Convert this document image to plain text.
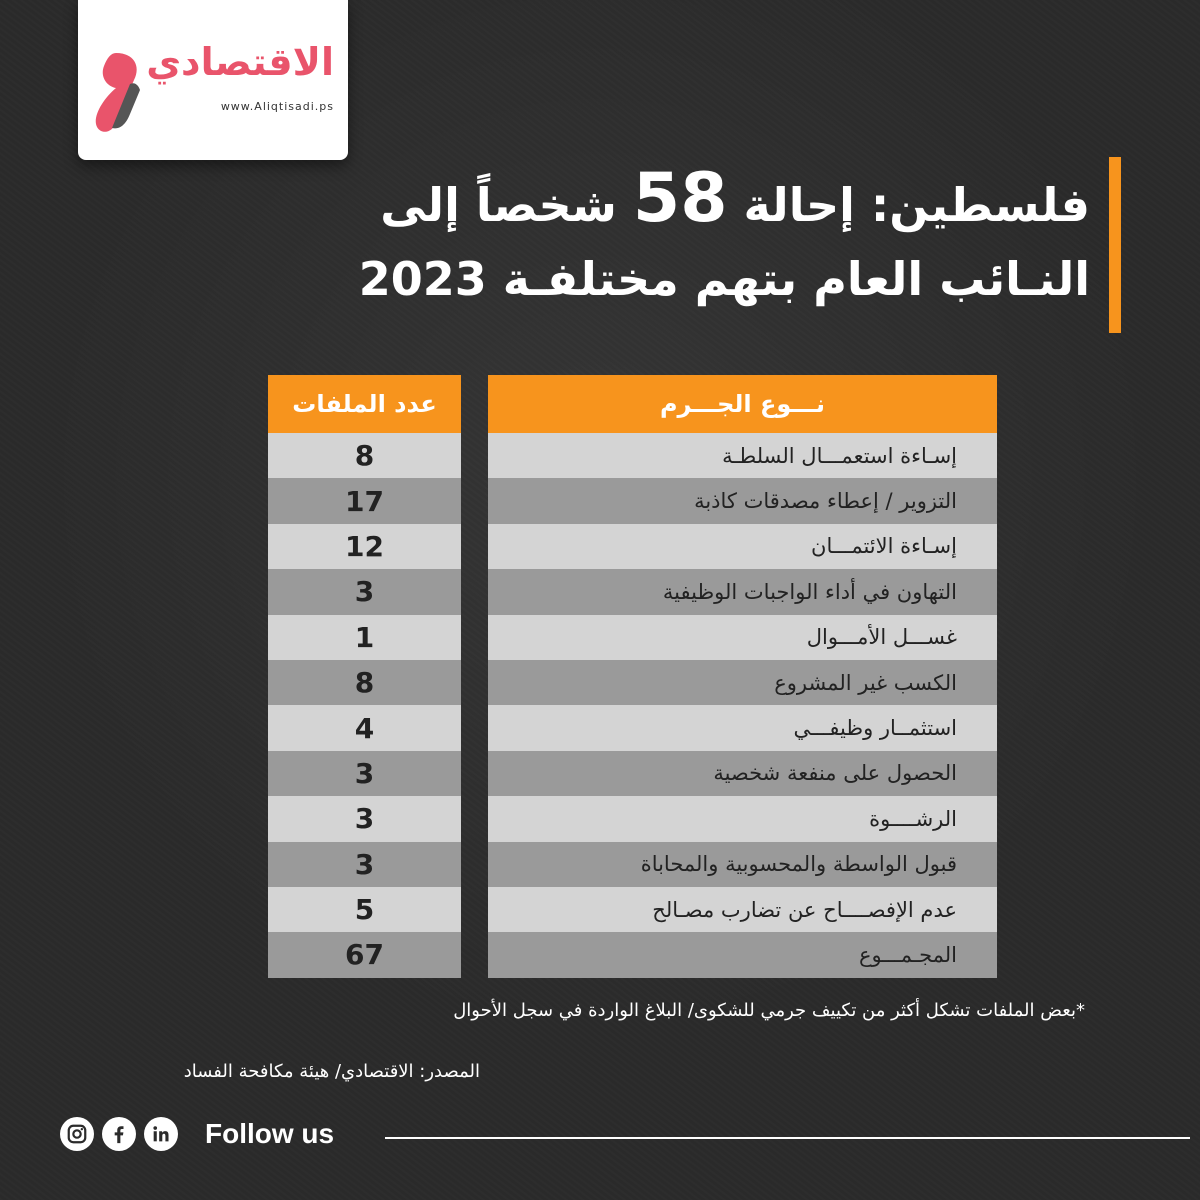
الاقتصادي
www.Aliqtisadi.ps
فلسطين: إحالة 58 شخصاً إلى
النـائب العام بتهم مختلفـة 2023
نـــوع الجـــرم
عدد الملفات
إسـاءة استعمـــال السلطـة
التزوير / إعطاء مصدقات كاذبة
إسـاءة الائتمـــان
التهاون في أداء الواجبات الوظيفية
غســـل الأمـــوال
الكسب غير المشروع
استثمــار وظيفـــي
الحصول على منفعة شخصية
الرشــــوة
قبول الواسطة والمحسوبية والمحاباة
عدم الإفصــــاح عن تضارب مصـالح
المجـمـــوع
8
17
12
3
1
8
4
3
3
3
5
67
*بعض الملفات تشكل أكثر من تكييف جرمي للشكوى/ البلاغ الواردة في سجل الأحوال
المصدر: الاقتصادي/ هيئة مكافحة الفساد
Follow us
